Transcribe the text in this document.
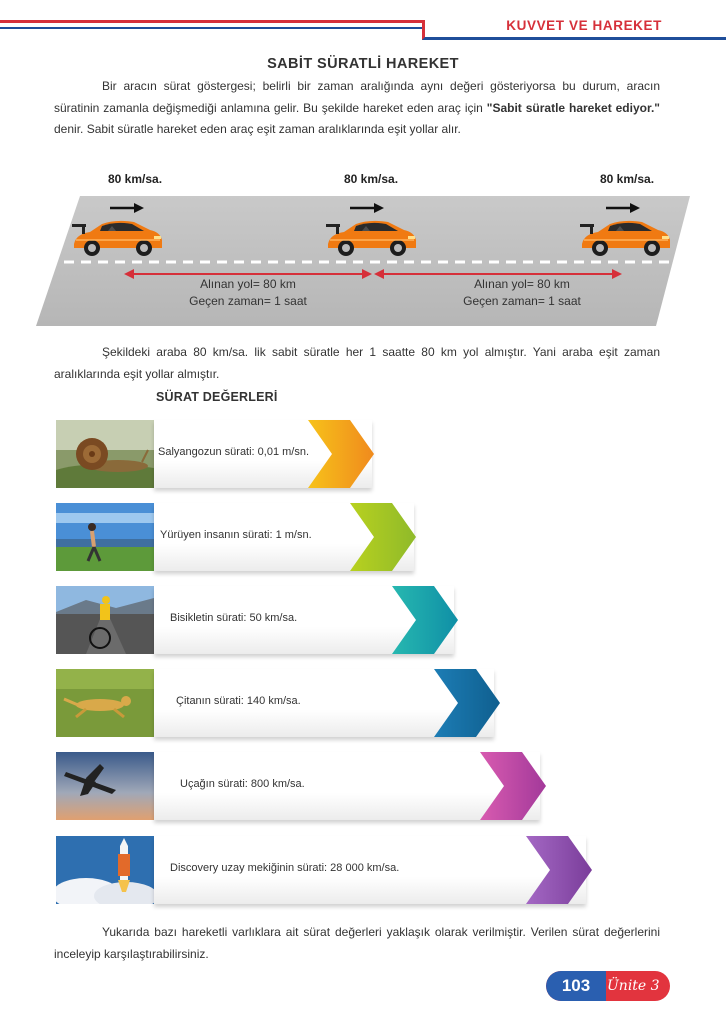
KUVVET VE HAREKET
SABİT SÜRATLİ HAREKET

Bir aracın sürat göstergesi; belirli bir zaman aralığında aynı değeri gösteriyorsa bu durum, aracın süratinin zamanla değişmediği anlamına gelir. Bu şekilde hareket eden araç için "Sabit süratle hareket ediyor." denir. Sabit süratle hareket eden araç eşit zaman aralıklarında eşit yollar alır.

80 km/sa.	80 km/sa.	80 km/sa.
Alınan yol= 80 km
Geçen zaman= 1 saat
Alınan yol= 80 km
Geçen zaman= 1 saat

Şekildeki araba 80 km/sa. lik sabit süratle her 1 saatte 80 km yol almıştır. Yani araba eşit zaman aralıklarında eşit yollar almıştır.

SÜRAT DEĞERLERİ
Salyangozun sürati: 0,01 m/sn.
Yürüyen insanın sürati: 1 m/sn.
Bisikletin sürati: 50 km/sa.
Çitanın sürati: 140 km/sa.
Uçağın sürati: 800 km/sa.
Discovery uzay mekiğinin sürati: 28 000 km/sa.

Yukarıda bazı hareketli varlıklara ait sürat değerleri yaklaşık olarak verilmiştir. Verilen sürat değerlerini inceleyip karşılaştırabilirsiniz.

103	Ünite 3
